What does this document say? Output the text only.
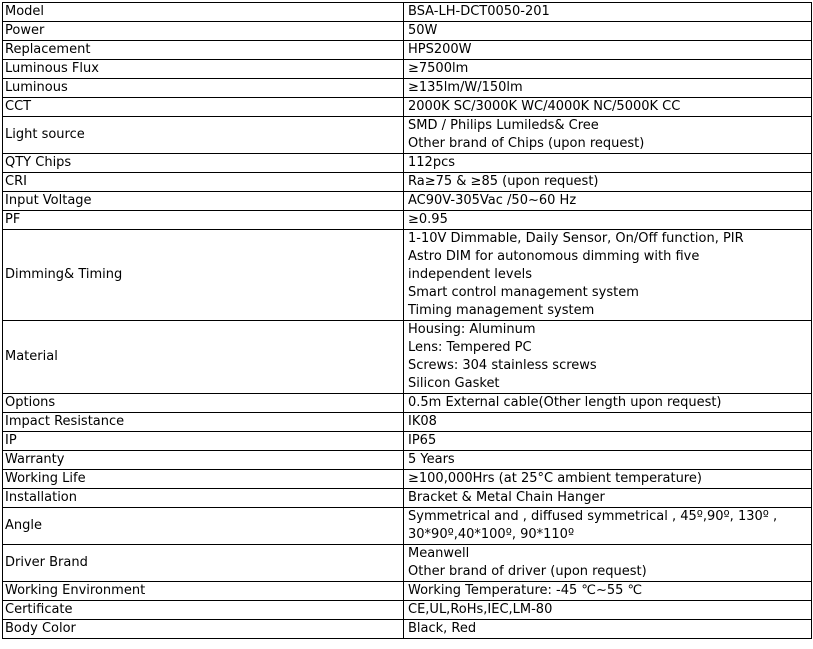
Model	BSA-LH-DCT0050-201

Power	50W

Replacement	HPS200W

Luminous Flux	≥7500lm

Luminous	≥135lm/W/150lm

CCT	2000K SC/3000K WC/4000K NC/5000K CC

Light source	SMD / Philips Lumileds& Cree
Other brand of Chips (upon request)

QTY Chips	112pcs

CRI	Ra≥75 & ≥85 (upon request)

Input Voltage	AC90V-305Vac /50~60 Hz

PF	≥0.95

Dimming& Timing	1-10V Dimmable, Daily Sensor, On/Off function, PIR
Astro DIM for autonomous dimming with five
independent levels
Smart control management system
Timing management system

Material	Housing: Aluminum
Lens: Tempered PC
Screws: 304 stainless screws
Silicon Gasket

Options	0.5m External cable(Other length upon request)

Impact Resistance	IK08

IP	IP65

Warranty	5 Years

Working Life	≥100,000Hrs (at 25°C ambient temperature)

Installation	Bracket & Metal Chain Hanger

Angle	Symmetrical and , diffused symmetrical , 45º,90º, 130º ,
30*90º,40*100º, 90*110º

Driver Brand	Meanwell
Other brand of driver (upon request)

Working Environment	Working Temperature: -45 ℃~55 ℃

Certificate	CE,UL,RoHs,IEC,LM-80

Body Color	Black, Red
